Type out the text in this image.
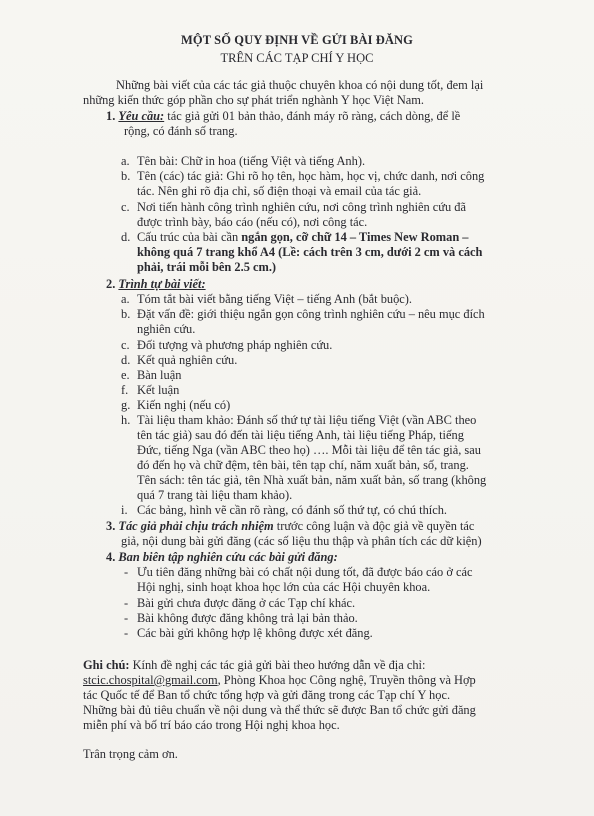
MỘT SỐ QUY ĐỊNH VỀ GỬI BÀI ĐĂNG
TRÊN CÁC TẠP CHÍ Y HỌC
Những bài viết của các tác giả thuộc chuyên khoa có nội dung tốt, đem lại
những kiến thức góp phần cho sự phát triển nghành Y học Việt Nam.
1. Yêu cầu: tác giả gửi 01 bản thảo, đánh máy rõ ràng, cách dòng, để lề
rộng, có đánh số trang.
a. Tên bài: Chữ in hoa (tiếng Việt và tiếng Anh).
b. Tên (các) tác giả: Ghi rõ họ tên, học hàm, học vị, chức danh, nơi công
tác. Nên ghi rõ địa chỉ, số điện thoại và email của tác giả.
c. Nơi tiến hành công trình nghiên cứu, nơi công trình nghiên cứu đã
được trình bày, báo cáo (nếu có), nơi công tác.
d. Cấu trúc của bài cần ngắn gọn, cỡ chữ 14 – Times New Roman –
không quá 7 trang khổ A4 (Lề: cách trên 3 cm, dưới 2 cm và cách
phải, trái mỗi bên 2.5 cm.)
2. Trình tự bài viết:
a. Tóm tắt bài viết bằng tiếng Việt – tiếng Anh (bắt buộc).
b. Đặt vấn đề: giới thiệu ngắn gọn công trình nghiên cứu – nêu mục đích
nghiên cứu.
c. Đối tượng và phương pháp nghiên cứu.
d. Kết quả nghiên cứu.
e. Bàn luận
f. Kết luận
g. Kiến nghị (nếu có)
h. Tài liệu tham khảo: Đánh số thứ tự tài liệu tiếng Việt (vần ABC theo
tên tác giả) sau đó đến tài liệu tiếng Anh, tài liệu tiếng Pháp, tiếng
Đức, tiếng Nga (vần ABC theo họ) …. Mỗi tài liệu để tên tác giả, sau
đó đến họ và chữ đệm, tên bài, tên tạp chí, năm xuất bản, số, trang.
Tên sách: tên tác giả, tên Nhà xuất bản, năm xuất bản, số trang (không
quá 7 trang tài liệu tham khảo).
i. Các bảng, hình vẽ cần rõ ràng, có đánh số thứ tự, có chú thích.
3. Tác giả phải chịu trách nhiệm trước công luận và độc giả về quyền tác
giả, nội dung bài gửi đăng (các số liệu thu thập và phân tích các dữ kiện)
4. Ban biên tập nghiên cứu các bài gửi đăng:
- Ưu tiên đăng những bài có chất nội dung tốt, đã được báo cáo ở các
Hội nghị, sinh hoạt khoa học lớn của các Hội chuyên khoa.
- Bài gửi chưa được đăng ở các Tạp chí khác.
- Bài không được đăng không trả lại bản thảo.
- Các bài gửi không hợp lệ không được xét đăng.
Ghi chú: Kính đề nghị các tác giả gửi bài theo hướng dẫn về địa chỉ:
stcic.chospital@gmail.com, Phòng Khoa học Công nghệ, Truyền thông và Hợp
tác Quốc tế để Ban tổ chức tổng hợp và gửi đăng trong các Tạp chí Y học.
Những bài đủ tiêu chuẩn về nội dung và thể thức sẽ được Ban tổ chức gửi đăng
miễn phí và bố trí báo cáo trong Hội nghị khoa học.
Trân trọng cảm ơn.
